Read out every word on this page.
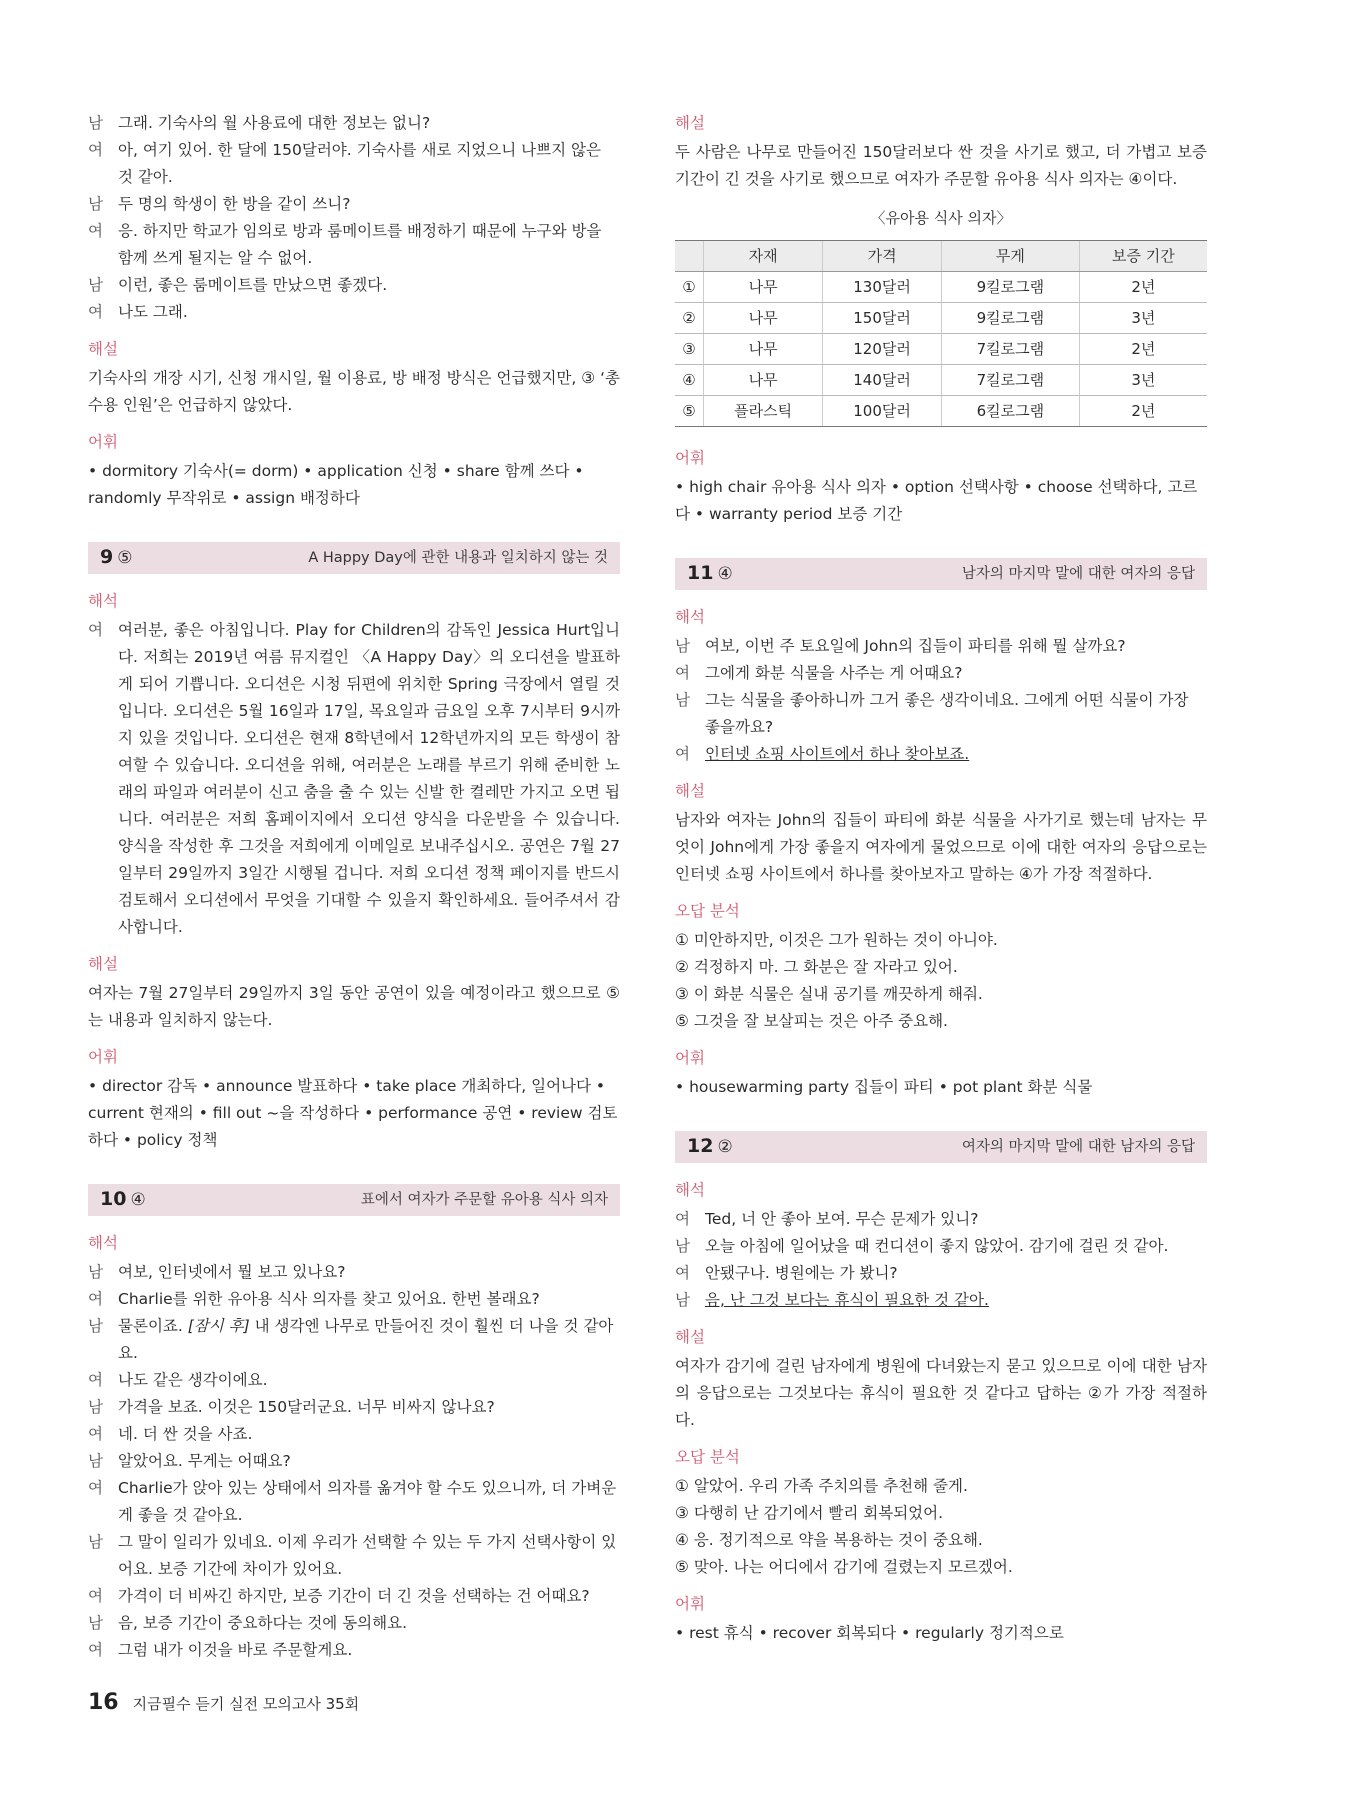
남 그래. 기숙사의 월 사용료에 대한 정보는 없니?
여 아, 여기 있어. 한 달에 150달러야. 기숙사를 새로 지었으니 나쁘지 않은 것 같아.
남 두 명의 학생이 한 방을 같이 쓰니?
여 응. 하지만 학교가 임의로 방과 룸메이트를 배정하기 때문에 누구와 방을 함께 쓰게 될지는 알 수 없어.
남 이런, 좋은 룸메이트를 만났으면 좋겠다.
여 나도 그래.
해설
기숙사의 개장 시기, 신청 개시일, 월 이용료, 방 배정 방식은 언급했지만, ③ ‘총 수용 인원’은 언급하지 않았다.
어휘
• dormitory 기숙사(= dorm) • application 신청 • share 함께 쓰다 • randomly 무작위로 • assign 배정하다
9 ⑤	A Happy Day에 관한 내용과 일치하지 않는 것
해석
여 여러분, 좋은 아침입니다. Play for Children의 감독인 Jessica Hurt입니다. 저희는 2019년 여름 뮤지컬인 〈A Happy Day〉의 오디션을 발표하게 되어 기쁩니다. 오디션은 시청 뒤편에 위치한 Spring 극장에서 열릴 것입니다. 오디션은 5월 16일과 17일, 목요일과 금요일 오후 7시부터 9시까지 있을 것입니다. 오디션은 현재 8학년에서 12학년까지의 모든 학생이 참여할 수 있습니다. 오디션을 위해, 여러분은 노래를 부르기 위해 준비한 노래의 파일과 여러분이 신고 춤을 출 수 있는 신발 한 켤레만 가지고 오면 됩니다. 여러분은 저희 홈페이지에서 오디션 양식을 다운받을 수 있습니다. 양식을 작성한 후 그것을 저희에게 이메일로 보내주십시오. 공연은 7월 27일부터 29일까지 3일간 시행될 겁니다. 저희 오디션 정책 페이지를 반드시 검토해서 오디션에서 무엇을 기대할 수 있을지 확인하세요. 들어주셔서 감사합니다.
해설
여자는 7월 27일부터 29일까지 3일 동안 공연이 있을 예정이라고 했으므로 ⑤는 내용과 일치하지 않는다.
어휘
• director 감독 • announce 발표하다 • take place 개최하다, 일어나다 • current 현재의 • fill out ~을 작성하다 • performance 공연 • review 검토하다 • policy 정책
10 ④	표에서 여자가 주문할 유아용 식사 의자
해석
남 여보, 인터넷에서 뭘 보고 있나요?
여 Charlie를 위한 유아용 식사 의자를 찾고 있어요. 한번 볼래요?
남 물론이죠. [잠시 후] 내 생각엔 나무로 만들어진 것이 훨씬 더 나을 것 같아요.
여 나도 같은 생각이에요.
남 가격을 보죠. 이것은 150달러군요. 너무 비싸지 않나요?
여 네. 더 싼 것을 사죠.
남 알았어요. 무게는 어때요?
여 Charlie가 앉아 있는 상태에서 의자를 옮겨야 할 수도 있으니까, 더 가벼운 게 좋을 것 같아요.
남 그 말이 일리가 있네요. 이제 우리가 선택할 수 있는 두 가지 선택사항이 있어요. 보증 기간에 차이가 있어요.
여 가격이 더 비싸긴 하지만, 보증 기간이 더 긴 것을 선택하는 건 어때요?
남 음, 보증 기간이 중요하다는 것에 동의해요.
여 그럼 내가 이것을 바로 주문할게요.
해설
두 사람은 나무로 만들어진 150달러보다 싼 것을 사기로 했고, 더 가볍고 보증 기간이 긴 것을 사기로 했으므로 여자가 주문할 유아용 식사 의자는 ④이다.
〈유아용 식사 의자〉
	자재	가격	무게	보증 기간
①	나무	130달러	9킬로그램	2년
②	나무	150달러	9킬로그램	3년
③	나무	120달러	7킬로그램	2년
④	나무	140달러	7킬로그램	3년
⑤	플라스틱	100달러	6킬로그램	2년
어휘
• high chair 유아용 식사 의자 • option 선택사항 • choose 선택하다, 고르다 • warranty period 보증 기간
11 ④	남자의 마지막 말에 대한 여자의 응답
해석
남 여보, 이번 주 토요일에 John의 집들이 파티를 위해 뭘 살까요?
여 그에게 화분 식물을 사주는 게 어때요?
남 그는 식물을 좋아하니까 그거 좋은 생각이네요. 그에게 어떤 식물이 가장 좋을까요?
여 인터넷 쇼핑 사이트에서 하나 찾아보죠.
해설
남자와 여자는 John의 집들이 파티에 화분 식물을 사가기로 했는데 남자는 무엇이 John에게 가장 좋을지 여자에게 물었으므로 이에 대한 여자의 응답으로는 인터넷 쇼핑 사이트에서 하나를 찾아보자고 말하는 ④가 가장 적절하다.
오답 분석
① 미안하지만, 이것은 그가 원하는 것이 아니야.
② 걱정하지 마. 그 화분은 잘 자라고 있어.
③ 이 화분 식물은 실내 공기를 깨끗하게 해줘.
⑤ 그것을 잘 보살피는 것은 아주 중요해.
어휘
• housewarming party 집들이 파티 • pot plant 화분 식물
12 ②	여자의 마지막 말에 대한 남자의 응답
해석
여 Ted, 너 안 좋아 보여. 무슨 문제가 있니?
남 오늘 아침에 일어났을 때 컨디션이 좋지 않았어. 감기에 걸린 것 같아.
여 안됐구나. 병원에는 가 봤니?
남 음, 난 그것 보다는 휴식이 필요한 것 같아.
해설
여자가 감기에 걸린 남자에게 병원에 다녀왔는지 묻고 있으므로 이에 대한 남자의 응답으로는 그것보다는 휴식이 필요한 것 같다고 답하는 ②가 가장 적절하다.
오답 분석
① 알았어. 우리 가족 주치의를 추천해 줄게.
③ 다행히 난 감기에서 빨리 회복되었어.
④ 응. 정기적으로 약을 복용하는 것이 중요해.
⑤ 맞아. 나는 어디에서 감기에 걸렸는지 모르겠어.
어휘
• rest 휴식 • recover 회복되다 • regularly 정기적으로
16 지금필수 듣기 실전 모의고사 35회
